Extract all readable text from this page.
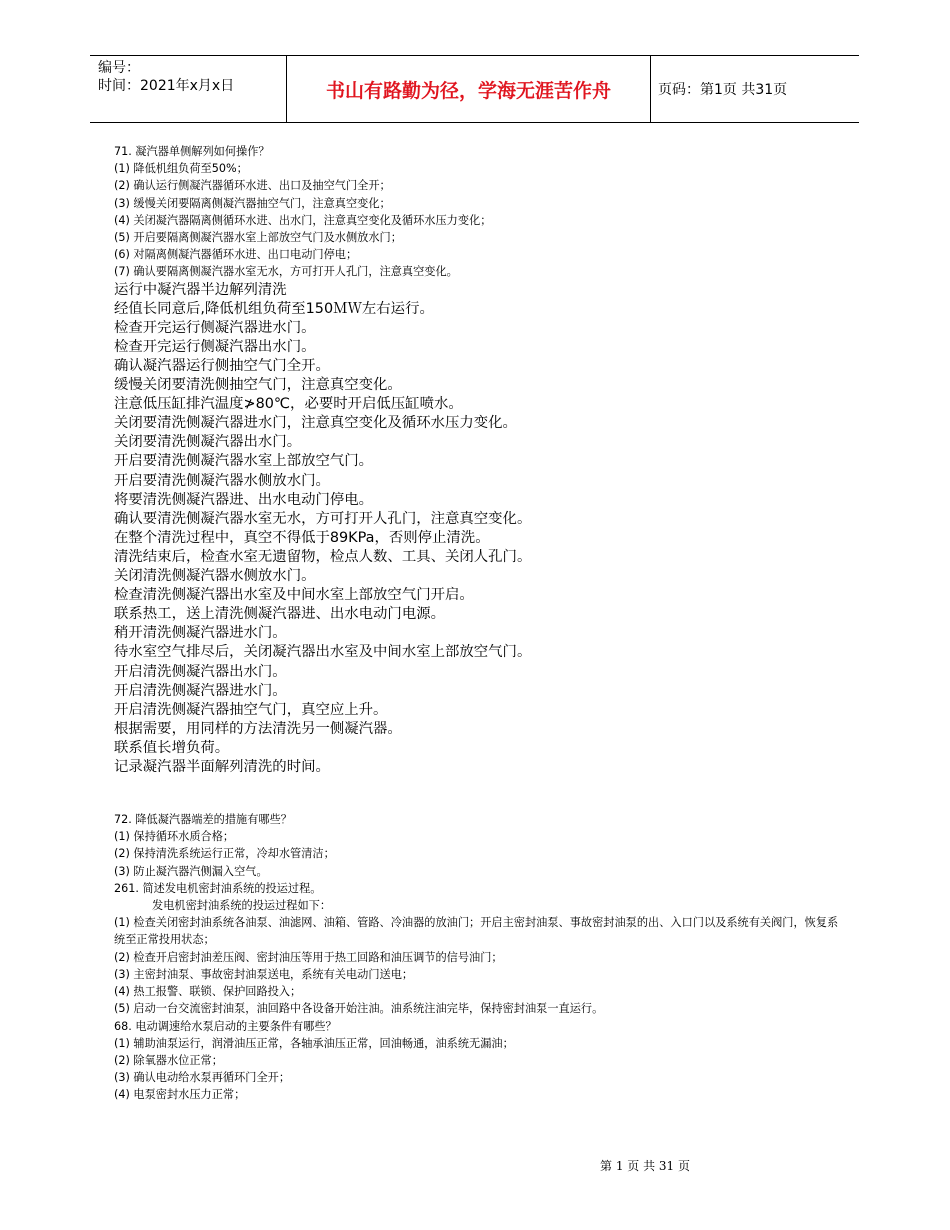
编号：
时间：2021年x月x日	书山有路勤为径，学海无涯苦作舟	页码：第1页 共31页
71. 凝汽器单侧解列如何操作？
(1) 降低机组负荷至50%；
(2) 确认运行侧凝汽器循环水进、出口及抽空气门全开；
(3) 缓慢关闭要隔离侧凝汽器抽空气门，注意真空变化；
(4) 关闭凝汽器隔离侧循环水进、出水门，注意真空变化及循环水压力变化；
(5) 开启要隔离侧凝汽器水室上部放空气门及水侧放水门；
(6) 对隔离侧凝汽器循环水进、出口电动门停电；
(7) 确认要隔离侧凝汽器水室无水，方可打开人孔门，注意真空变化。
运行中凝汽器半边解列清洗
经值长同意后,降低机组负荷至150ＭＷ左右运行。
检查开完运行侧凝汽器进水门。
检查开完运行侧凝汽器出水门。
确认凝汽器运行侧抽空气门全开。
缓慢关闭要清洗侧抽空气门，注意真空变化。
注意低压缸排汽温度≯80℃，必要时开启低压缸喷水。
关闭要清洗侧凝汽器进水门，注意真空变化及循环水压力变化。
关闭要清洗侧凝汽器出水门。
开启要清洗侧凝汽器水室上部放空气门。
开启要清洗侧凝汽器水侧放水门。
将要清洗侧凝汽器进、出水电动门停电。
确认要清洗侧凝汽器水室无水，方可打开人孔门，注意真空变化。
在整个清洗过程中，真空不得低于89KPa，否则停止清洗。
清洗结束后，检查水室无遗留物，检点人数、工具、关闭人孔门。
关闭清洗侧凝汽器水侧放水门。
检查清洗侧凝汽器出水室及中间水室上部放空气门开启。
联系热工，送上清洗侧凝汽器进、出水电动门电源。
稍开清洗侧凝汽器进水门。
待水室空气排尽后，关闭凝汽器出水室及中间水室上部放空气门。
开启清洗侧凝汽器出水门。
开启清洗侧凝汽器进水门。
开启清洗侧凝汽器抽空气门，真空应上升。
根据需要，用同样的方法清洗另一侧凝汽器。
联系值长增负荷。
记录凝汽器半面解列清洗的时间。
72. 降低凝汽器端差的措施有哪些？
(1) 保持循环水质合格；
(2) 保持清洗系统运行正常，冷却水管清洁；
(3) 防止凝汽器汽侧漏入空气。
261. 简述发电机密封油系统的投运过程。
发电机密封油系统的投运过程如下：
(1) 检查关闭密封油系统各油泵、油滤网、油箱、管路、冷油器的放油门；开启主密封油泵、事故密封油泵的出、入口门以及系统有关阀门，恢复系统至正常投用状态；
(2) 检查开启密封油差压阀、密封油压等用于热工回路和油压调节的信号油门；
(3) 主密封油泵、事故密封油泵送电，系统有关电动门送电；
(4) 热工报警、联锁、保护回路投入；
(5) 启动一台交流密封油泵，油回路中各设备开始注油。油系统注油完毕，保持密封油泵一直运行。
68. 电动调速给水泵启动的主要条件有哪些？
(1) 辅助油泵运行，润滑油压正常，各轴承油压正常，回油畅通，油系统无漏油；
(2) 除氧器水位正常；
(3) 确认电动给水泵再循环门全开；
(4) 电泵密封水压力正常；
第 1 页 共 31 页
